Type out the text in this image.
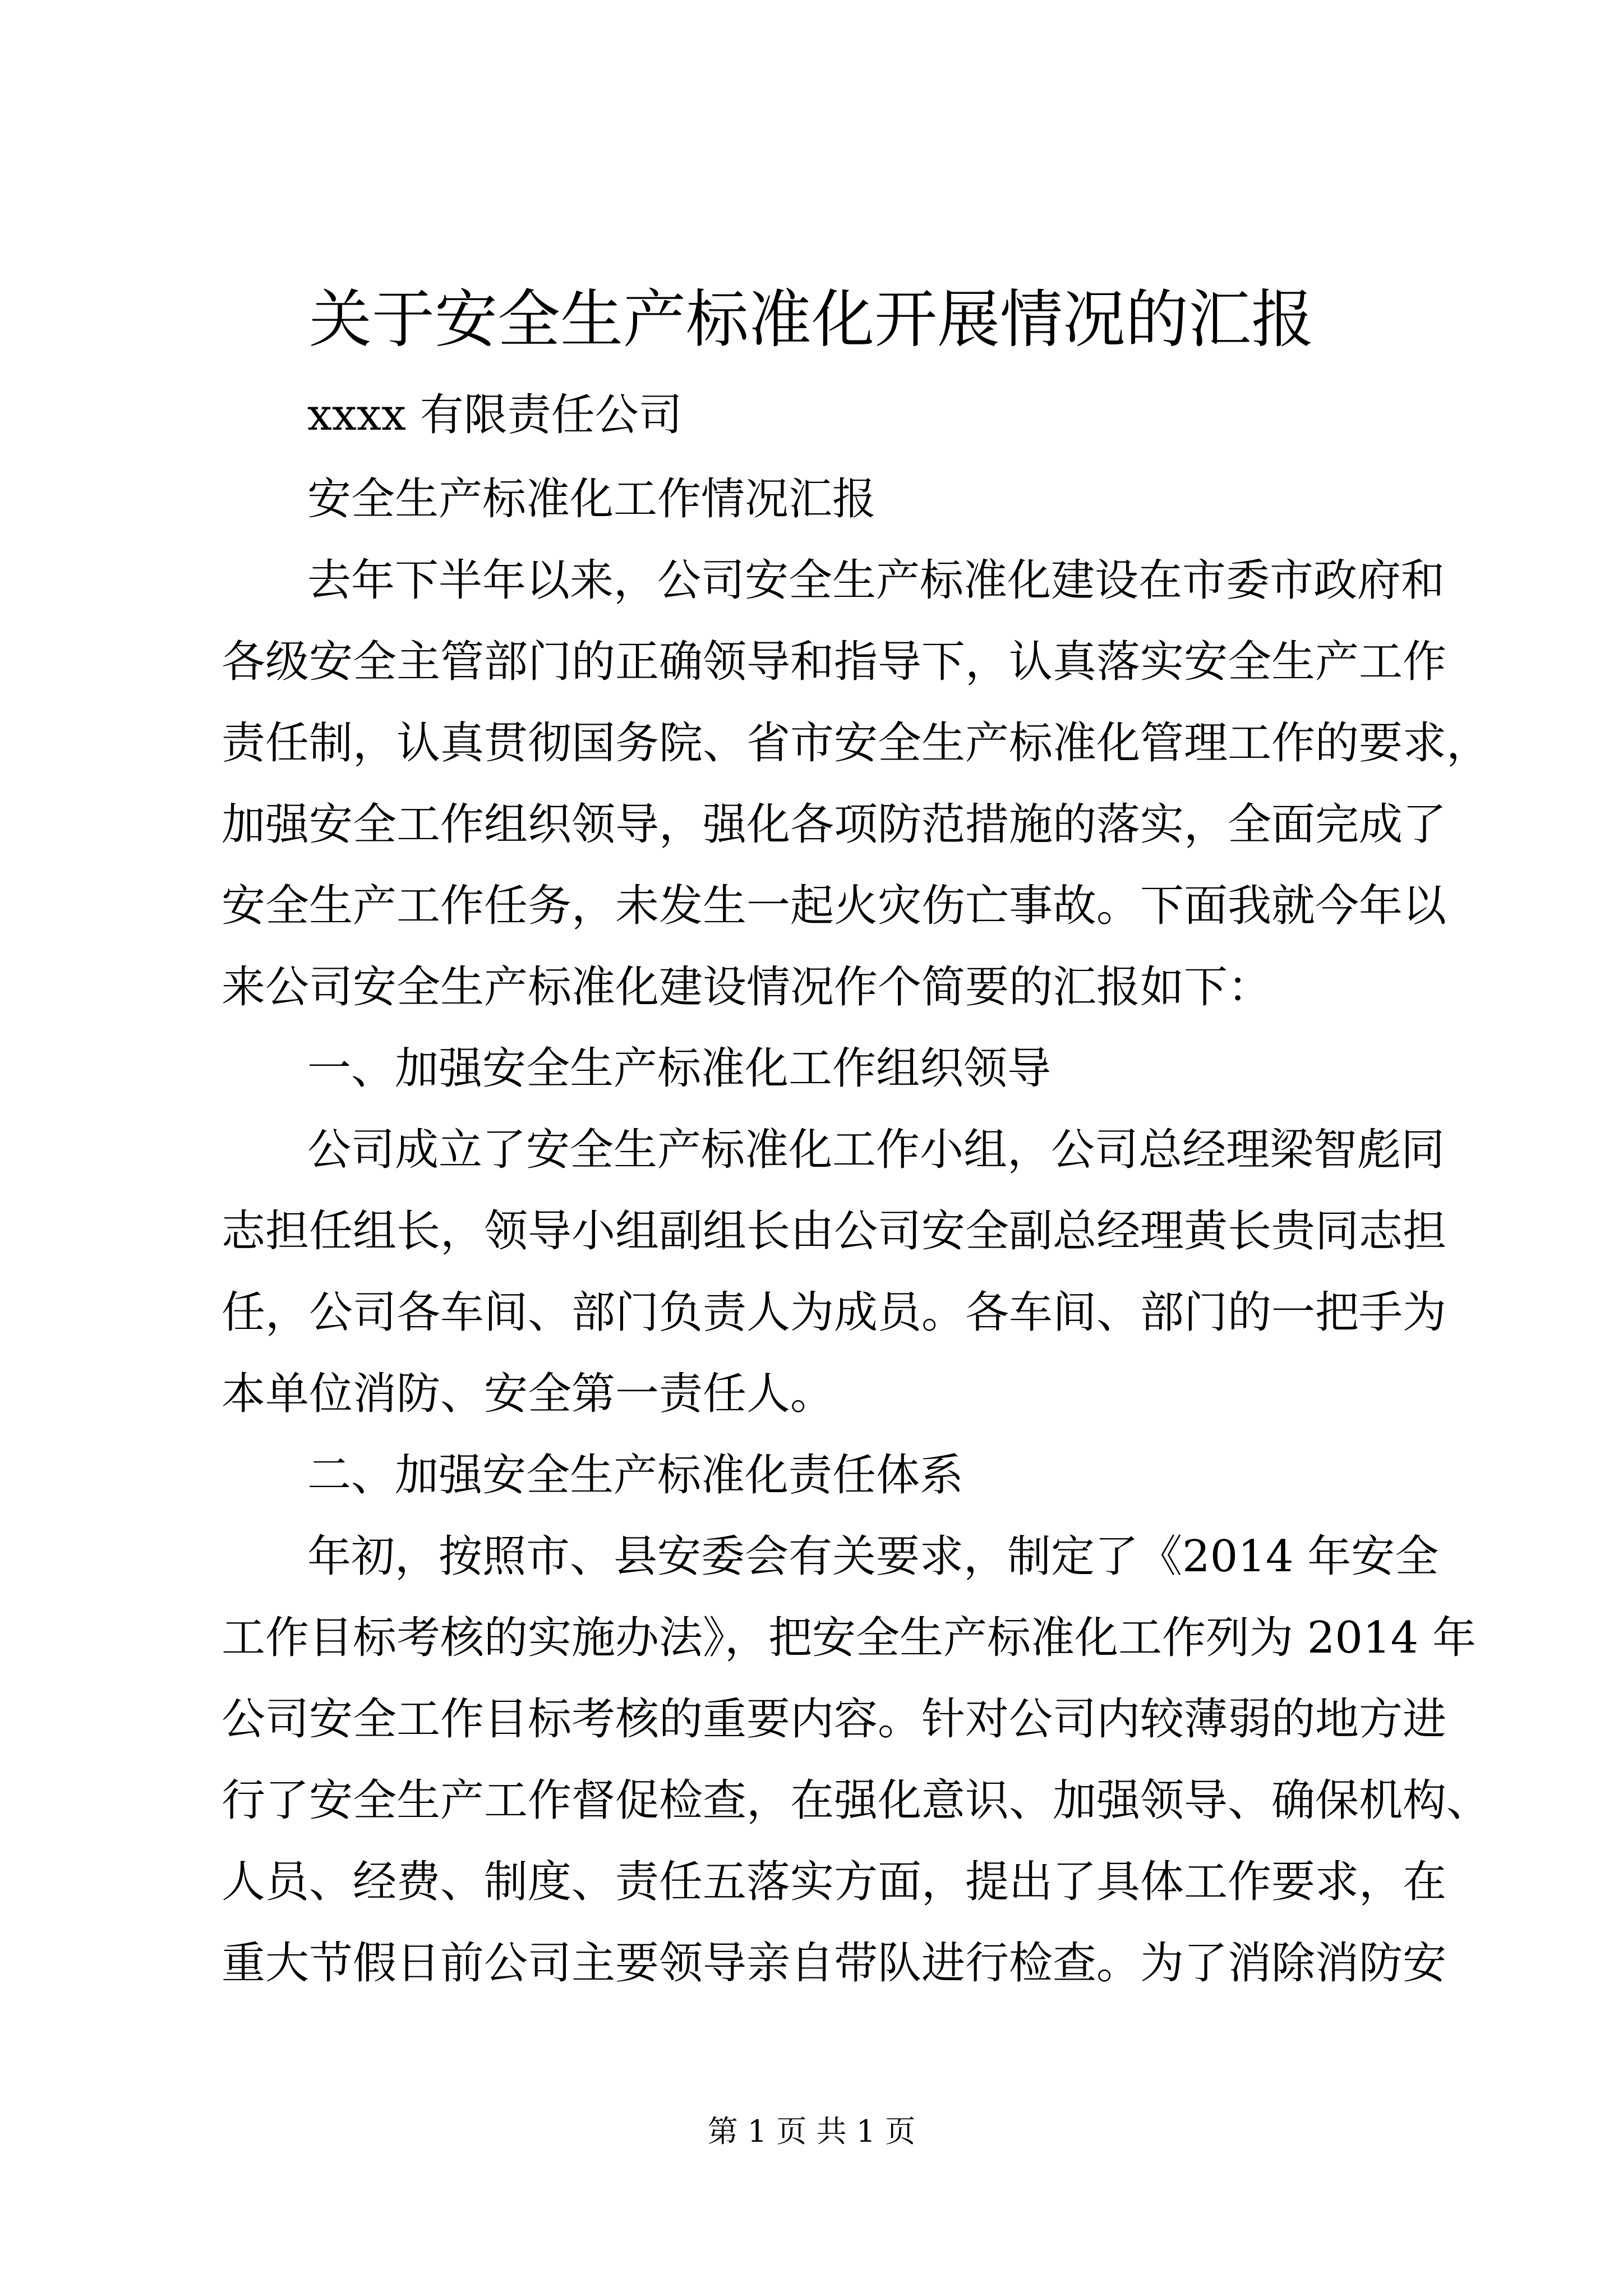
关于安全生产标准化开展情况的汇报

xxxx 有限责任公司

安全生产标准化工作情况汇报

去年下半年以来，公司安全生产标准化建设在市委市政府和

各级安全主管部门的正确领导和指导下，认真落实安全生产工作

责任制，认真贯彻国务院、省市安全生产标准化管理工作的要求，

加强安全工作组织领导，强化各项防范措施的落实，全面完成了

安全生产工作任务，未发生一起火灾伤亡事故。下面我就今年以

来公司安全生产标准化建设情况作个简要的汇报如下：

一、加强安全生产标准化工作组织领导

公司成立了安全生产标准化工作小组，公司总经理梁智彪同

志担任组长，领导小组副组长由公司安全副总经理黄长贵同志担

任，公司各车间、部门负责人为成员。各车间、部门的一把手为

本单位消防、安全第一责任人。

二、加强安全生产标准化责任体系

年初，按照市、县安委会有关要求，制定了《2014 年安全

工作目标考核的实施办法》，把安全生产标准化工作列为 2014 年

公司安全工作目标考核的重要内容。针对公司内较薄弱的地方进

行了安全生产工作督促检查，在强化意识、加强领导、确保机构、

人员、经费、制度、责任五落实方面，提出了具体工作要求，在

重大节假日前公司主要领导亲自带队进行检查。为了消除消防安

第 1 页 共 1 页
